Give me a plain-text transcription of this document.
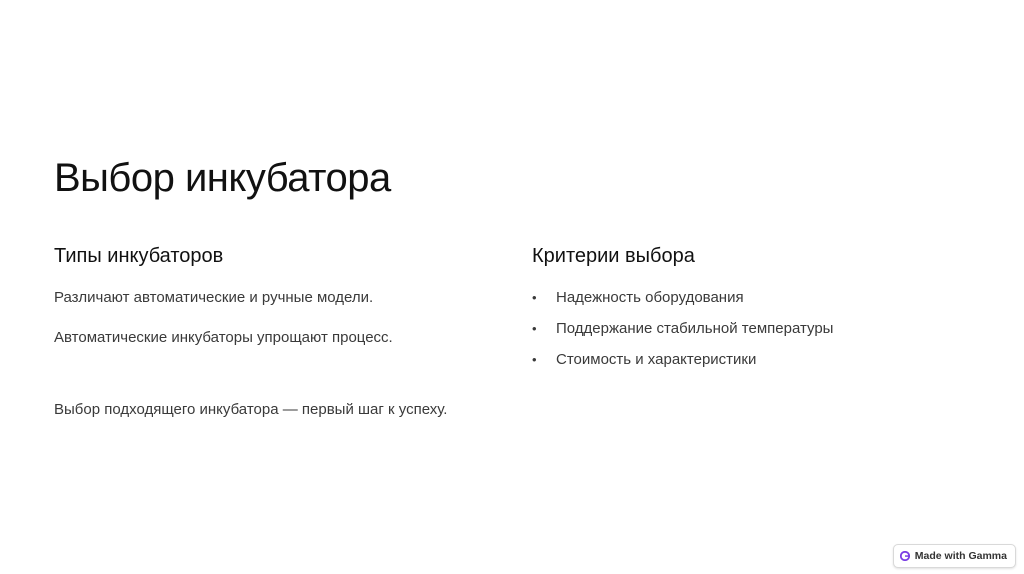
Выбор инкубатора
Типы инкубаторов
Различают автоматические и ручные модели.
Автоматические инкубаторы упрощают процесс.
Выбор подходящего инкубатора — первый шаг к успеху.
Критерии выбора
•	Надежность оборудования
•	Поддержание стабильной температуры
•	Стоимость и характеристики
Made with Gamma
